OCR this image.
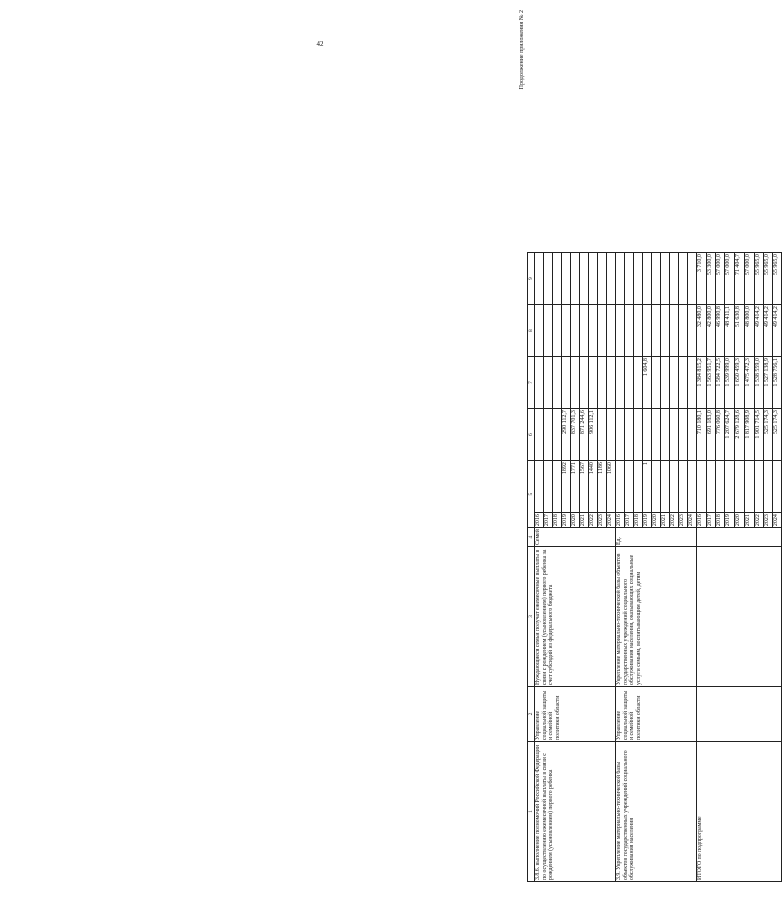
42	Продолжение приложения № 2
1	2	3	4	5		6	7	8	9
3.8.6. выполнение полномочий Российской Федерации по осуществлению ежемесячной выплаты в связи с рождением (усыновлением) первого ребенка	Управление социальной защиты и семейной политики области	Нуждающиеся семьи получат ежемесячные выплаты в связи с рождением (усыновлением) первого ребенка за счет субсидий из федерального бюджета	Семей	2016					
				2017					
				2018					
				2019	1892	290 112,7			
				2020	1771	837 701,3			
				2021	1567	871 244,6			
				2022	1440	906 112,1			
				2023	1186				
				2024	1060				
3.9. Укрепление материально-технической базы объектов государственных учреждений социального обслуживания населения	Управление социальной защиты и семейной политики области	Укрепление материально-технической базы объектов государственных учреждений социального обслуживания населения, оказывающих социальные услуги семьям, воспитывающим детей, детям	Ед.	2016					
				2017					
				2018					
				2019	1		1 604,8		
				2020					
				2021					
				2022					
				2023					
				2024					
ИТОГО по подпрограмме				2016		710 180,1	1 384 815,2	32 480,0	3 710,0
				2017		691 183,0	1 563 951,7	42 800,0	53 300,0
				2018		776 060,8	1 584 722,5	46 990,8	57 000,0
				2019		1 207 624,7	1 539 999,0	48 411,1	57 000,0
				2020		2 679 128,6	1 650 459,3	51 630,8	71 404,7
				2021		1 817 908,9	1 475 472,3	48 800,0	57 000,0
				2022		1 901 714,5	1 538 559,0	49 414,2	55 965,0
				2023		525 174,3	1 527 138,9	49 414,2	55 965,0
				2024		525 174,3	1 528 756,1	49 414,2	55 965,0
